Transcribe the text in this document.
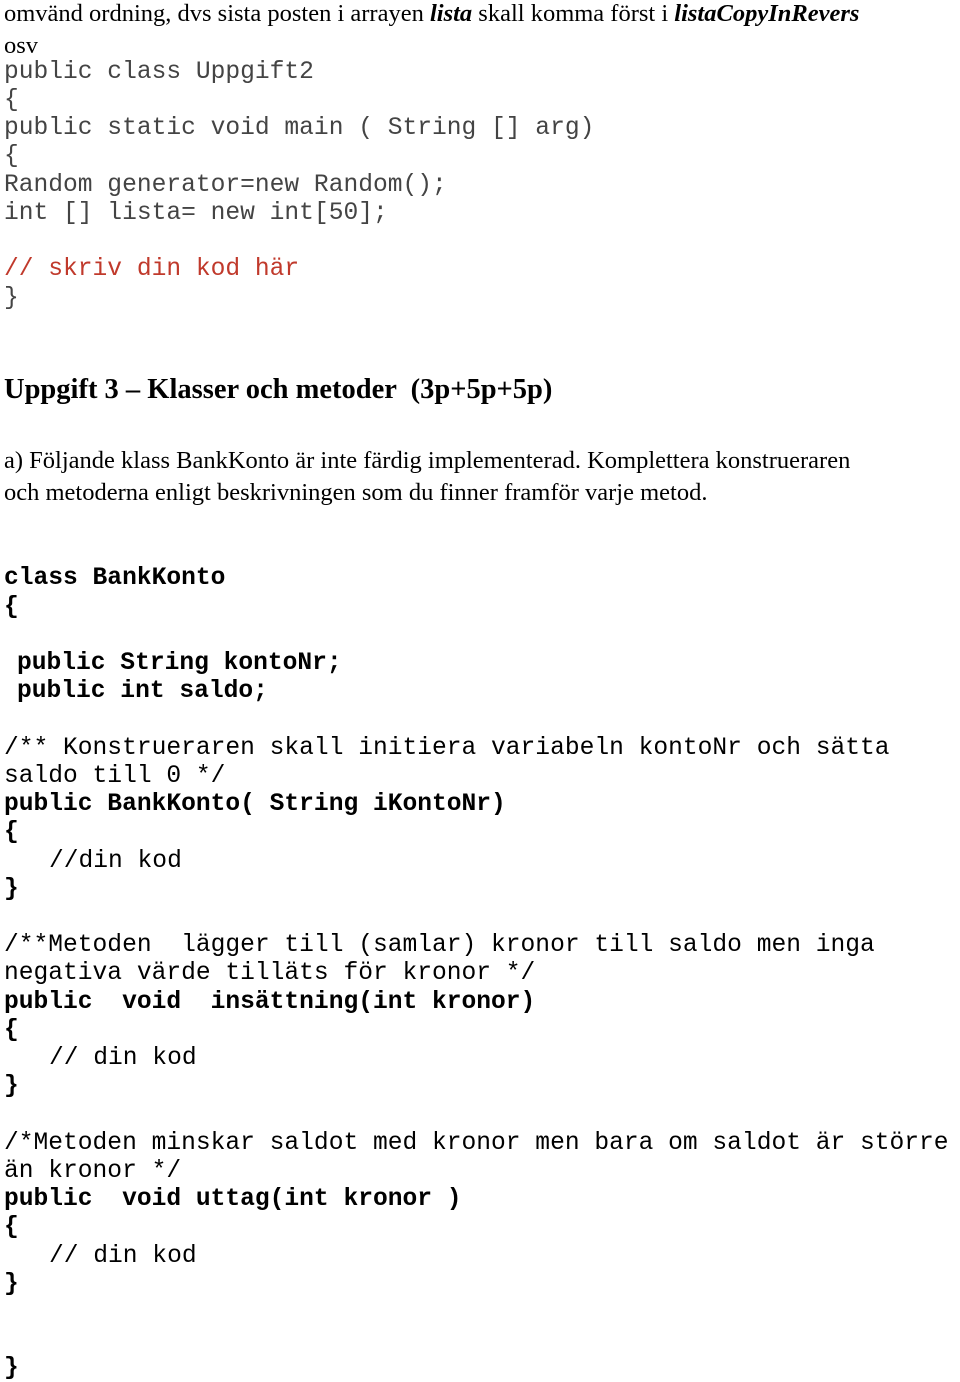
omvänd ordning, dvs sista posten i arrayen lista skall komma först i listaCopyInRevers
osv
public class Uppgift2
{
public static void main ( String [] arg)
{
Random generator=new Random();
int [] lista= new int[50];
// skriv din kod här
}
Uppgift 3 – Klasser och metoder  (3p+5p+5p)
a) Följande klass BankKonto är inte färdig implementerad. Komplettera konstrueraren
och metoderna enligt beskrivningen som du finner framför varje metod.
class BankKonto
{
public String kontoNr;
public int saldo;
/** Konstrueraren skall initiera variabeln kontoNr och sätta
saldo till 0 */
public BankKonto( String iKontoNr)
{
//din kod
}
/**Metoden  lägger till (samlar) kronor till saldo men inga
negativa värde tilläts för kronor */
public  void  insättning(int kronor)
{
// din kod
}
/*Metoden minskar saldot med kronor men bara om saldot är större
än kronor */
public  void uttag(int kronor )
{
// din kod
}
}
